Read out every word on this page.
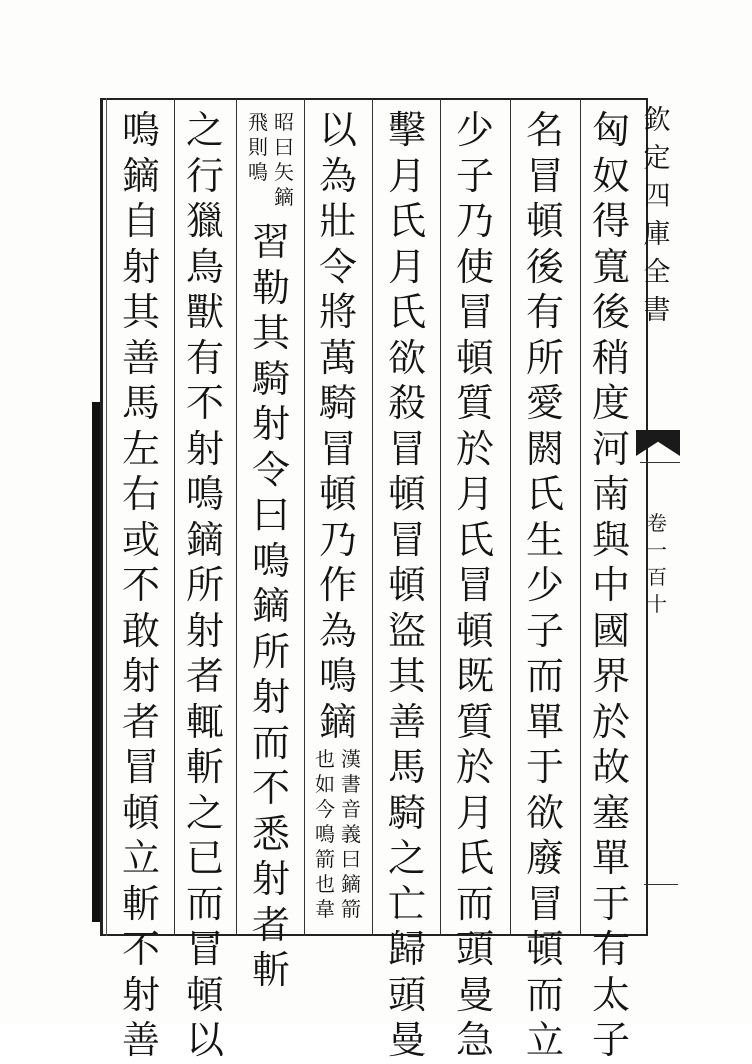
欽
定
四
庫
全
書
卷
一
百
十
匈
奴
得
寬
後
稍
度
河
南
與
中
國
界
於
故
塞
單
于
有
太
子
名
冒
頓
後
有
所
愛
閼
氏
生
少
子
而
單
于
欲
廢
冒
頓
而
立
少
子
乃
使
冒
頓
質
於
月
氏
冒
頓
既
質
於
月
氏
而
頭
曼
急
擊
月
氏
月
氏
欲
殺
冒
頓
冒
頓
盜
其
善
馬
騎
之
亡
歸
頭
曼
以
為
壯
令
將
萬
騎
冒
頓
乃
作
為
鳴
鏑
漢
書
音
義
曰
鏑
箭
也
如
今
鳴
箭
也
韋
昭
曰
矢
鏑
飛
則
鳴
習
勒
其
騎
射
令
曰
鳴
鏑
所
射
而
不
悉
射
者
斬
之
行
獵
鳥
獸
有
不
射
鳴
鏑
所
射
者
輒
斬
之
已
而
冒
頓
以
鳴
鏑
自
射
其
善
馬
左
右
或
不
敢
射
者
冒
頓
立
斬
不
射
善
